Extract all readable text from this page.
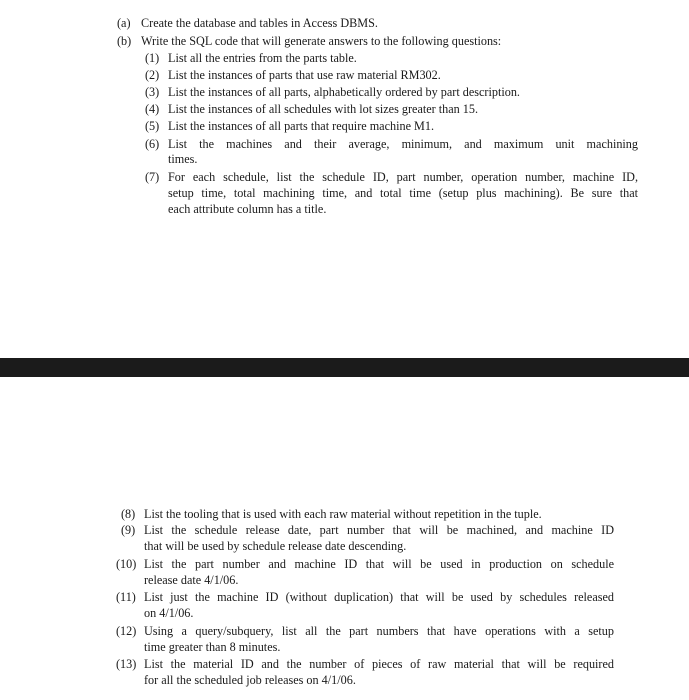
(a) Create the database and tables in Access DBMS.
(b) Write the SQL code that will generate answers to the following questions:
(1) List all the entries from the parts table.
(2) List the instances of parts that use raw material RM302.
(3) List the instances of all parts, alphabetically ordered by part description.
(4) List the instances of all schedules with lot sizes greater than 15.
(5) List the instances of all parts that require machine M1.
(6) List the machines and their average, minimum, and maximum unit machining
times.
(7) For each schedule, list the schedule ID, part number, operation number, machine ID,
setup time, total machining time, and total time (setup plus machining). Be sure that
each attribute column has a title.
(8) List the tooling that is used with each raw material without repetition in the tuple.
(9) List the schedule release date, part number that will be machined, and machine ID
that will be used by schedule release date descending.
(10) List the part number and machine ID that will be used in production on schedule
release date 4/1/06.
(11) List just the machine ID (without duplication) that will be used by schedules released
on 4/1/06.
(12) Using a query/subquery, list all the part numbers that have operations with a setup
time greater than 8 minutes.
(13) List the material ID and the number of pieces of raw material that will be required
for all the scheduled job releases on 4/1/06.
